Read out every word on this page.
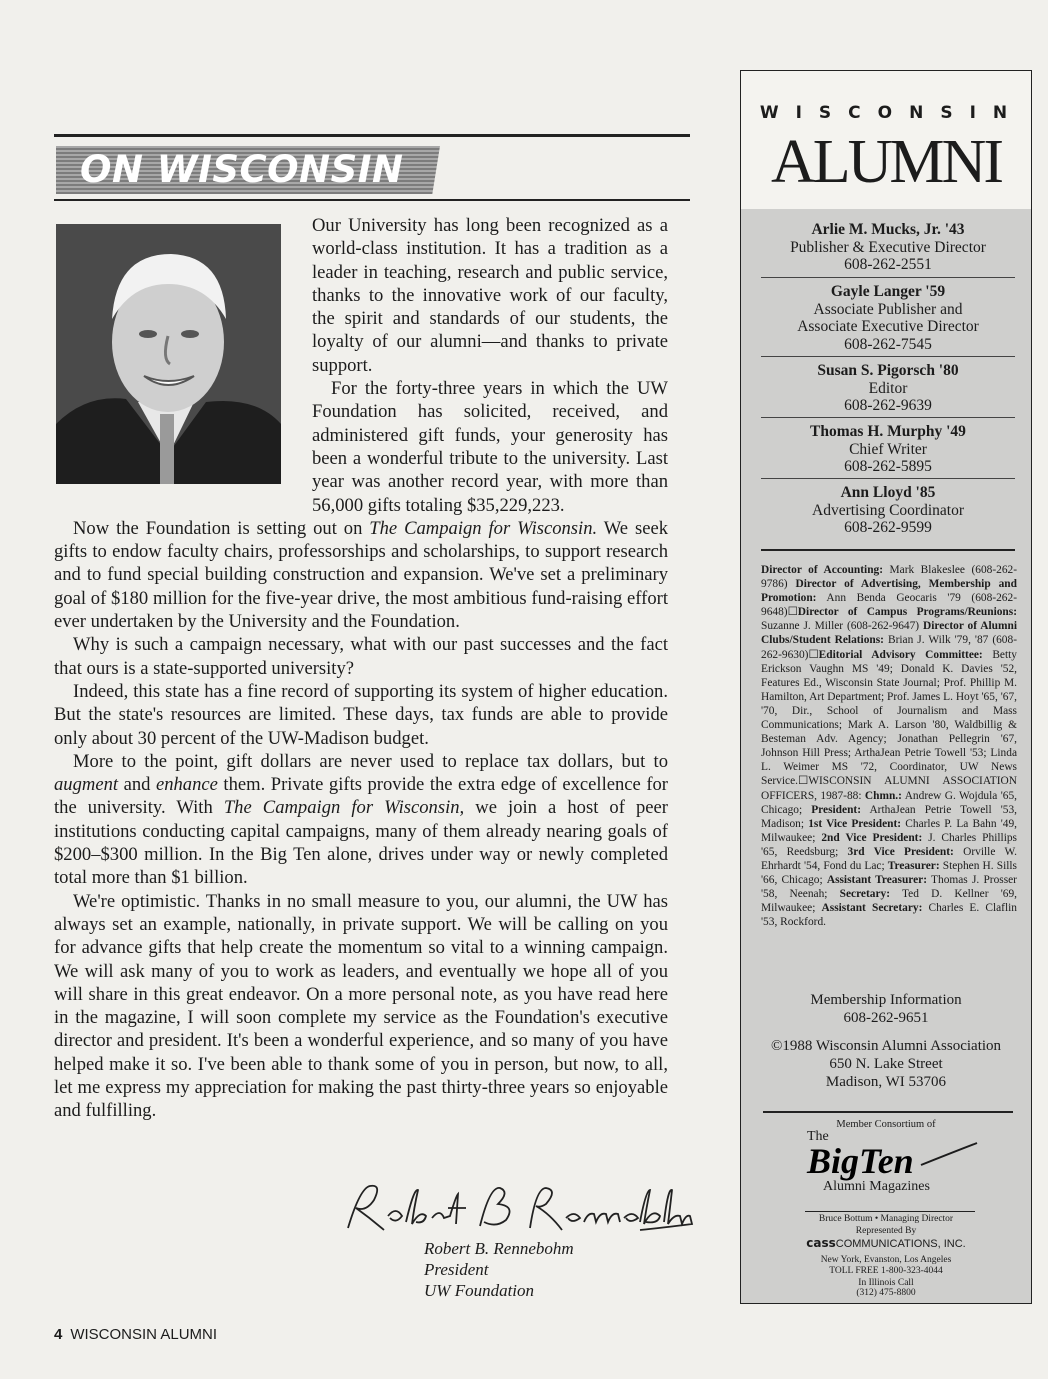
ON WISCONSIN

Our University has long been recognized as a world-class institution. It has a tradition as a leader in teaching, research and public service, thanks to the innovative work of our faculty, the spirit and standards of our students, the loyalty of our alumni—and thanks to private support.

For the forty-three years in which the UW Foundation has solicited, received, and administered gift funds, your generosity has been a wonderful tribute to the university. Last year was another record year, with more than 56,000 gifts totaling $35,229,223.

Now the Foundation is setting out on The Campaign for Wisconsin. We seek gifts to endow faculty chairs, professorships and scholarships, to support research and to fund special building construction and expansion. We've set a preliminary goal of $180 million for the five-year drive, the most ambitious fund-raising effort ever undertaken by the University and the Foundation.

Why is such a campaign necessary, what with our past successes and the fact that ours is a state-supported university?

Indeed, this state has a fine record of supporting its system of higher education. But the state's resources are limited. These days, tax funds are able to provide only about 30 percent of the UW-Madison budget.

More to the point, gift dollars are never used to replace tax dollars, but to augment and enhance them. Private gifts provide the extra edge of excellence for the university. With The Campaign for Wisconsin, we join a host of peer institutions conducting capital campaigns, many of them already nearing goals of $200–$300 million. In the Big Ten alone, drives under way or newly completed total more than $1 billion.

We're optimistic. Thanks in no small measure to you, our alumni, the UW has always set an example, nationally, in private support. We will be calling on you for advance gifts that help create the momentum so vital to a winning campaign. We will ask many of you to work as leaders, and eventually we hope all of you will share in this great endeavor. On a more personal note, as you have read here in the magazine, I will soon complete my service as the Foundation's executive director and president. It's been a wonderful experience, and so many of you have helped make it so. I've been able to thank some of you in person, but now, to all, let me express my appreciation for making the past thirty-three years so enjoyable and fulfilling.

Robert B. Rennebohm
President
UW Foundation
4 WISCONSIN ALUMNI
WISCONSIN
ALUMNI
Arlie M. Mucks, Jr. '43
Publisher & Executive Director
608-262-2551
Gayle Langer '59
Associate Publisher and
Associate Executive Director
608-262-7545
Susan S. Pigorsch '80
Editor
608-262-9639
Thomas H. Murphy '49
Chief Writer
608-262-5895
Ann Lloyd '85
Advertising Coordinator
608-262-9599
Director of Accounting: Mark Blakeslee (608-262-9786) Director of Advertising, Membership and Promotion: Ann Benda Geocaris '79 (608-262-9648)☐Director of Campus Programs/Reunions: Suzanne J. Miller (608-262-9647) Director of Alumni Clubs/Student Relations: Brian J. Wilk '79, '87 (608-262-9630)☐Editorial Advisory Committee: Betty Erickson Vaughn MS '49; Donald K. Davies '52, Features Ed., Wisconsin State Journal; Prof. Phillip M. Hamilton, Art Department; Prof. James L. Hoyt '65, '67, '70, Dir., School of Journalism and Mass Communications; Mark A. Larson '80, Waldbillig & Besteman Adv. Agency; Jonathan Pellegrin '67, Johnson Hill Press; ArthaJean Petrie Towell '53; Linda L. Weimer MS '72, Coordinator, UW News Service.☐WISCONSIN ALUMNI ASSOCIATION OFFICERS, 1987-88: Chmn.: Andrew G. Wojdula '65, Chicago; President: ArthaJean Petrie Towell '53, Madison; 1st Vice President: Charles P. La Bahn '49, Milwaukee; 2nd Vice President: J. Charles Phillips '65, Reedsburg; 3rd Vice President: Orville W. Ehrhardt '54, Fond du Lac; Treasurer: Stephen H. Sills '66, Chicago; Assistant Treasurer: Thomas J. Prosser '58, Neenah; Secretary: Ted D. Kellner '69, Milwaukee; Assistant Secretary: Charles E. Claflin '53, Rockford.
Membership Information
608-262-9651
©1988 Wisconsin Alumni Association
650 N. Lake Street
Madison, WI 53706
Member Consortium of
The
BigTen
Alumni Magazines
Bruce Bottum • Managing Director
Represented By
cassCOMMUNICATIONS, INC.
New York, Evanston, Los Angeles
TOLL FREE 1-800-323-4044
In Illinois Call
(312) 475-8800
